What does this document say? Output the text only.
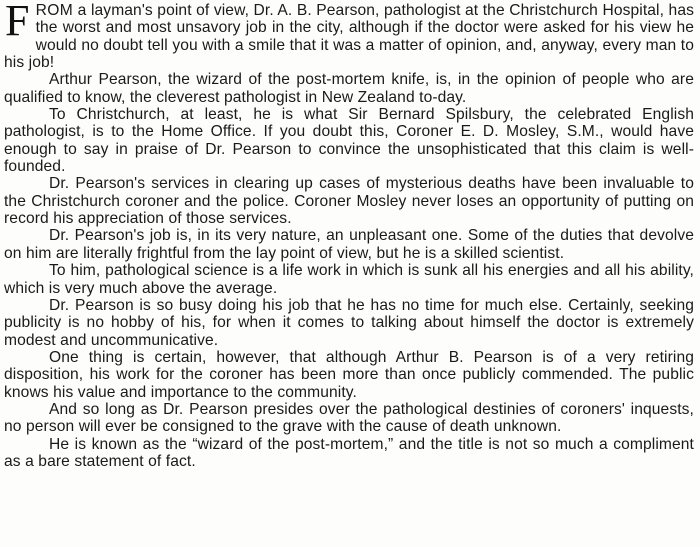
FROM a layman's point of view, Dr. A. B. Pearson, pathologist at the Christchurch Hospital, has the worst and most unsavory job in the city, although if the doctor were asked for his view he would no doubt tell you with a smile that it was a matter of opinion, and, anyway, every man to his job!

Arthur Pearson, the wizard of the post-mortem knife, is, in the opinion of people who are qualified to know, the cleverest pathologist in New Zealand to-day.

To Christchurch, at least, he is what Sir Bernard Spilsbury, the celebrated English pathologist, is to the Home Office. If you doubt this, Coroner E. D. Mosley, S.M., would have enough to say in praise of Dr. Pearson to convince the unsophisticated that this claim is well-founded.

Dr. Pearson's services in clearing up cases of mysterious deaths have been invaluable to the Christchurch coroner and the police. Coroner Mosley never loses an opportunity of putting on record his appreciation of those services.

Dr. Pearson's job is, in its very nature, an unpleasant one. Some of the duties that devolve on him are literally frightful from the lay point of view, but he is a skilled scientist.

To him, pathological science is a life work in which is sunk all his energies and all his ability, which is very much above the average.

Dr. Pearson is so busy doing his job that he has no time for much else. Certainly, seeking publicity is no hobby of his, for when it comes to talking about himself the doctor is extremely modest and uncommunicative.

One thing is certain, however, that although Arthur B. Pearson is of a very retiring disposition, his work for the coroner has been more than once publicly commended. The public knows his value and importance to the community.

And so long as Dr. Pearson presides over the pathological destinies of coroners' inquests, no person will ever be consigned to the grave with the cause of death unknown.

He is known as the “wizard of the post-mortem,” and the title is not so much a compliment as a bare statement of fact.
